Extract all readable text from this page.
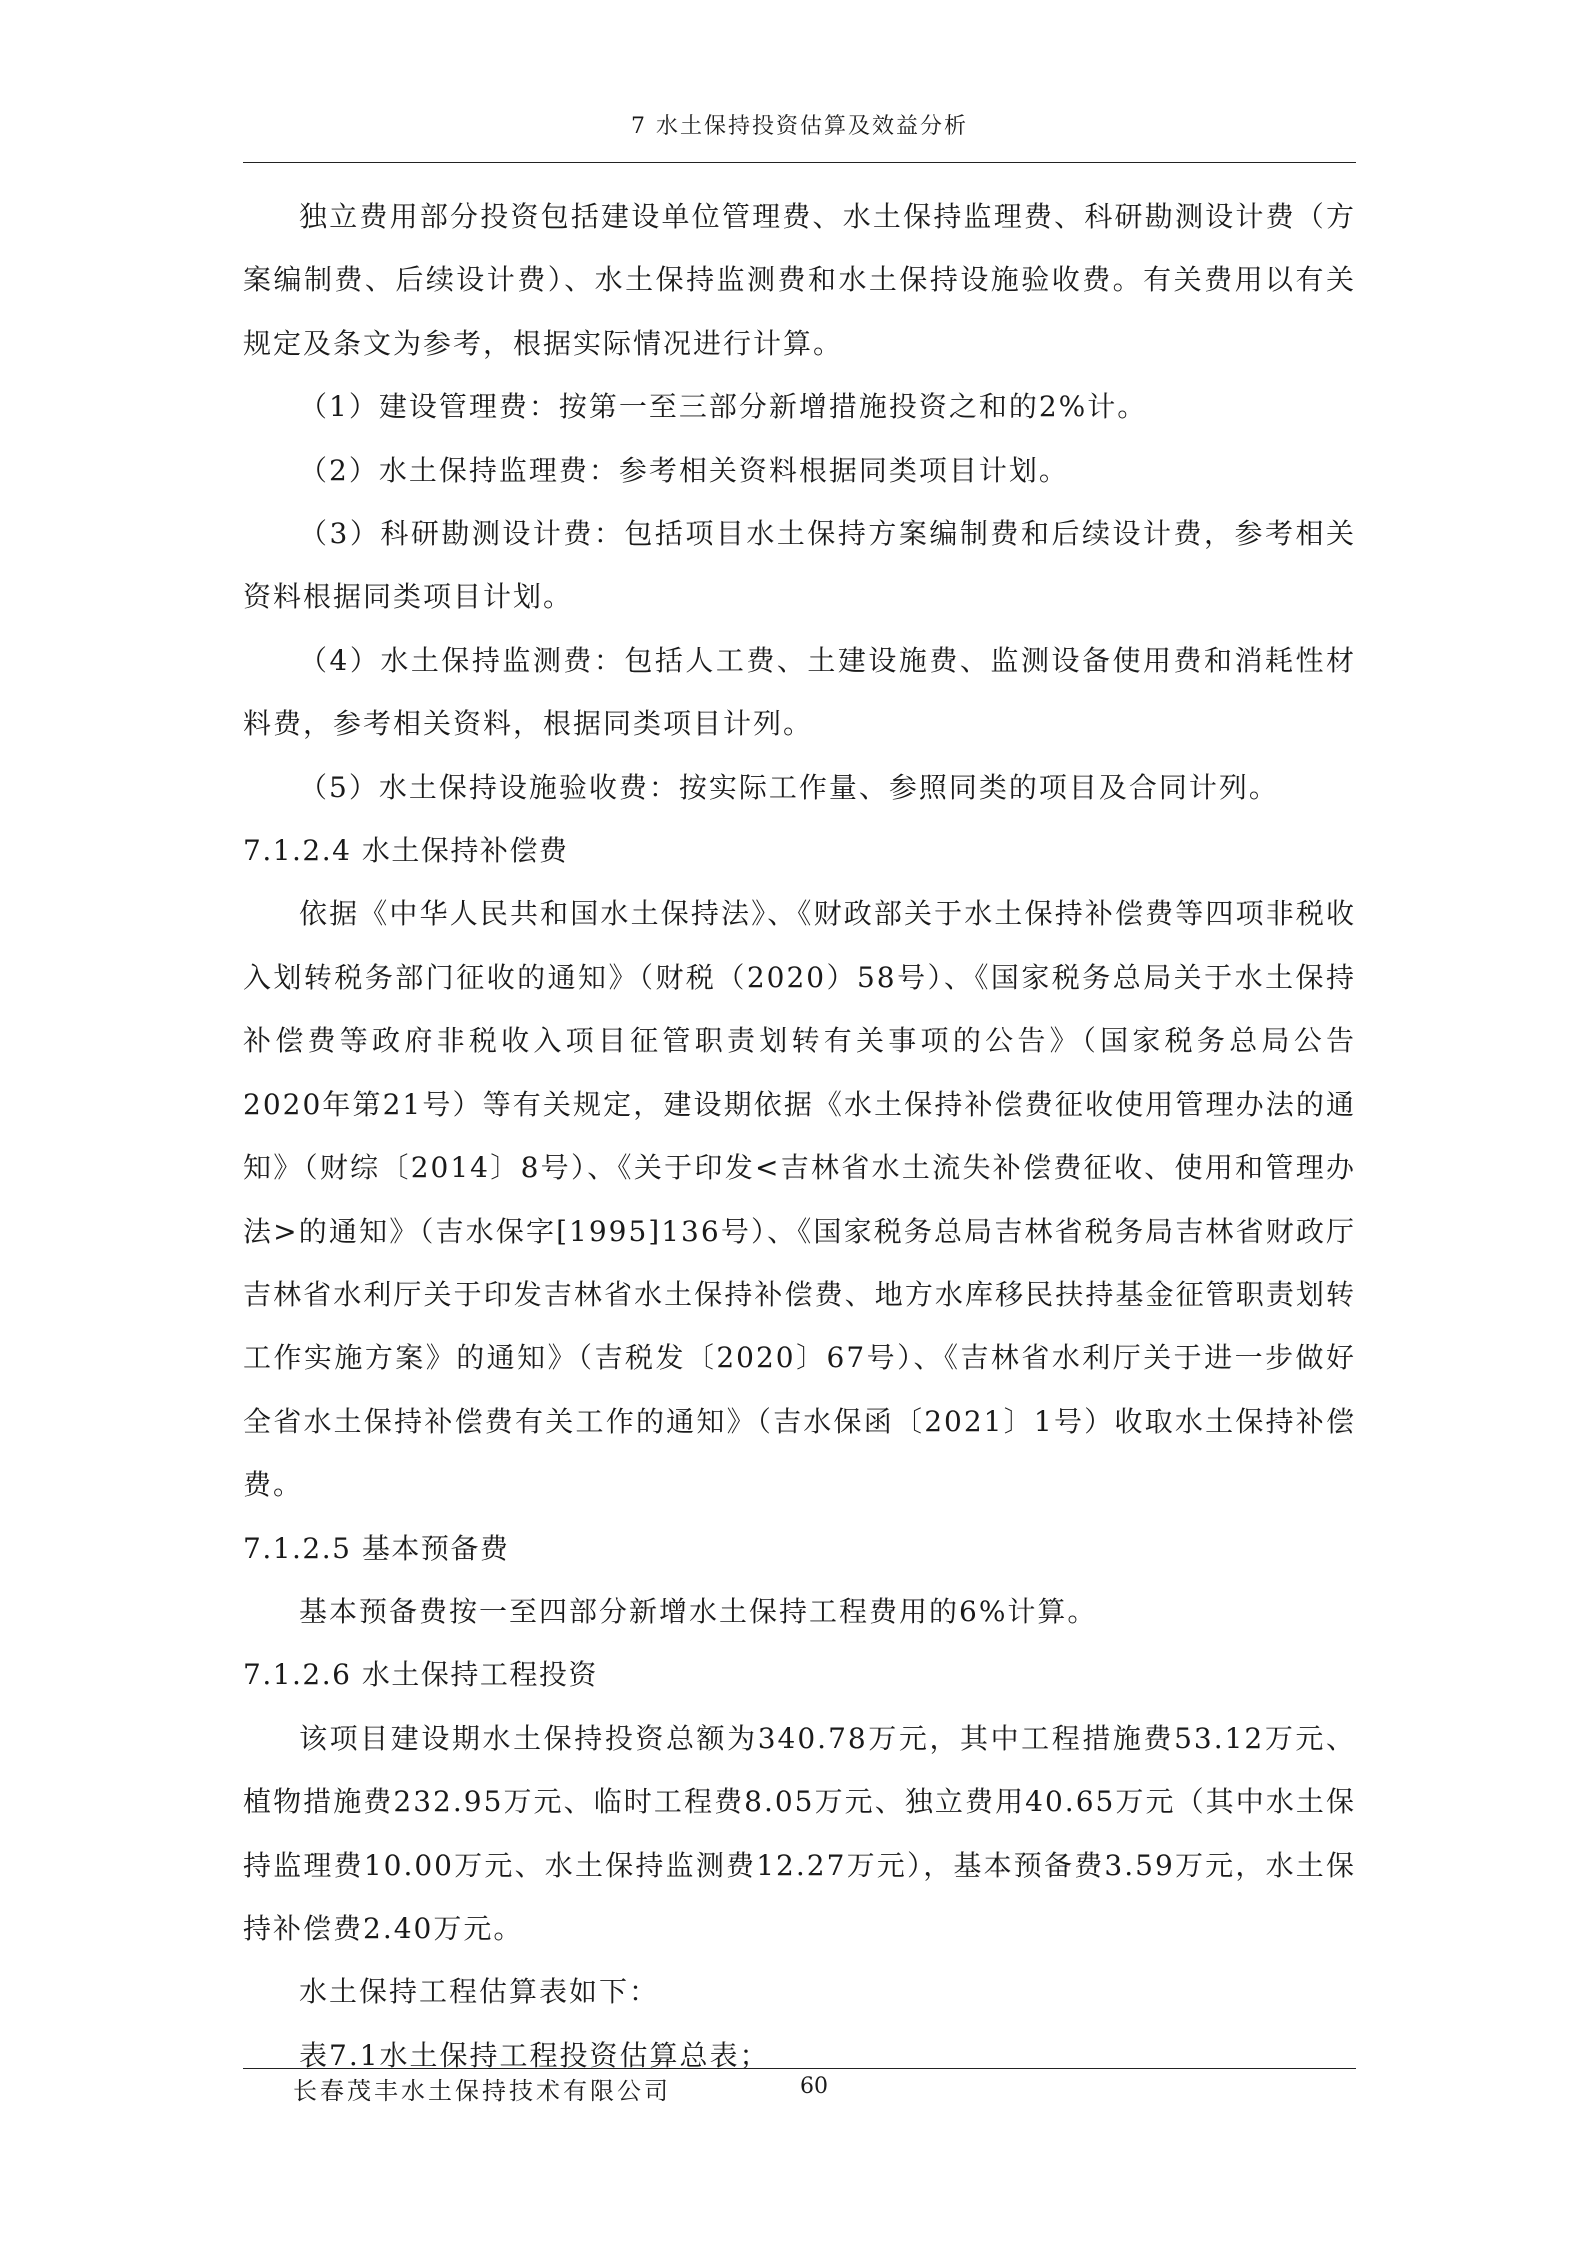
7 水土保持投资估算及效益分析

独立费用部分投资包括建设单位管理费、水土保持监理费、科研勘测设计费（方案编制费、后续设计费）、水土保持监测费和水土保持设施验收费。有关费用以有关规定及条文为参考，根据实际情况进行计算。

（1）建设管理费：按第一至三部分新增措施投资之和的2%计。

（2）水土保持监理费：参考相关资料根据同类项目计划。

（3）科研勘测设计费：包括项目水土保持方案编制费和后续设计费，参考相关资料根据同类项目计划。

（4）水土保持监测费：包括人工费、土建设施费、监测设备使用费和消耗性材料费，参考相关资料，根据同类项目计列。

（5）水土保持设施验收费：按实际工作量、参照同类的项目及合同计列。

7.1.2.4 水土保持补偿费

依据《中华人民共和国水土保持法》、《财政部关于水土保持补偿费等四项非税收入划转税务部门征收的通知》（财税（2020）58号）、《国家税务总局关于水土保持补偿费等政府非税收入项目征管职责划转有关事项的公告》（国家税务总局公告2020年第21号）等有关规定，建设期依据《水土保持补偿费征收使用管理办法的通知》（财综〔2014〕8号）、《关于印发<吉林省水土流失补偿费征收、使用和管理办法>的通知》（吉水保字[1995]136号）、《国家税务总局吉林省税务局吉林省财政厅吉林省水利厅关于印发吉林省水土保持补偿费、地方水库移民扶持基金征管职责划转工作实施方案》的通知》（吉税发〔2020〕67号）、《吉林省水利厅关于进一步做好全省水土保持补偿费有关工作的通知》（吉水保函〔2021〕1号）收取水土保持补偿费。

7.1.2.5 基本预备费

基本预备费按一至四部分新增水土保持工程费用的6%计算。

7.1.2.6 水土保持工程投资

该项目建设期水土保持投资总额为340.78万元，其中工程措施费53.12万元、植物措施费232.95万元、临时工程费8.05万元、独立费用40.65万元（其中水土保持监理费10.00万元、水土保持监测费12.27万元），基本预备费3.59万元，水土保持补偿费2.40万元。

水土保持工程估算表如下：

表7.1水土保持工程投资估算总表；

长春茂丰水土保持技术有限公司	60
